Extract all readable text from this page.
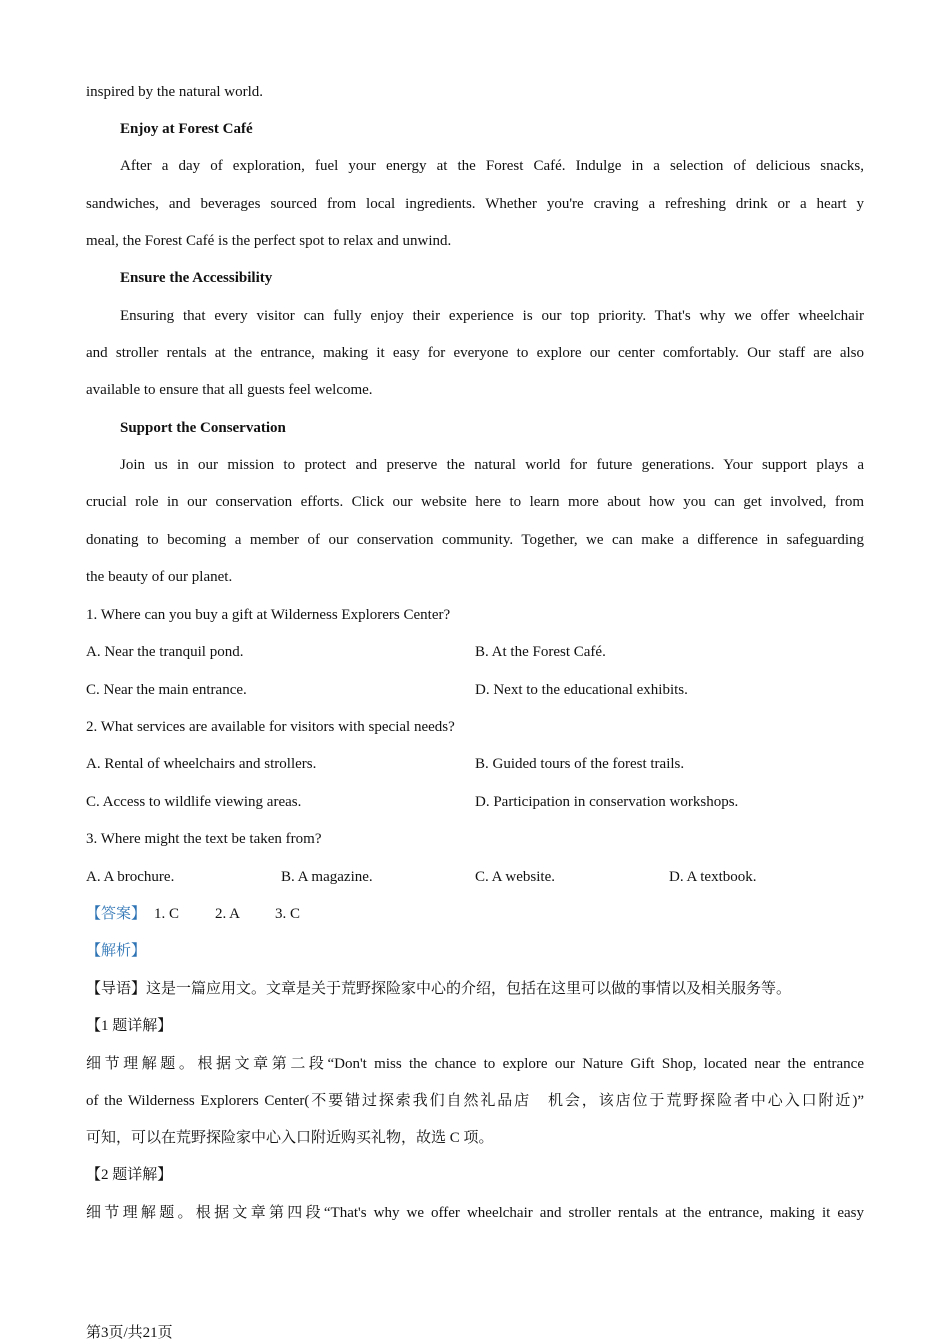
inspired by the natural world.
Enjoy at Forest Café
After a day of exploration, fuel your energy at the Forest Café. Indulge in a selection of delicious snacks,
sandwiches, and beverages sourced from local ingredients. Whether you're craving a refreshing drink or a heart y
meal, the Forest Café is the perfect spot to relax and unwind.
Ensure the Accessibility
Ensuring that every visitor can fully enjoy their experience is our top priority. That's why we offer wheelchair
and stroller rentals at the entrance, making it easy for everyone to explore our center comfortably. Our staff are also
available to ensure that all guests feel welcome.
Support the Conservation
Join us in our mission to protect and preserve the natural world for future generations. Your support plays a
crucial role in our conservation efforts. Click our website here to learn more about how you can get involved, from
donating to becoming a member of our conservation community. Together, we can make a difference in safeguarding
the beauty of our planet.
1. Where can you buy a gift at Wilderness Explorers Center?
A. Near the tranquil pond.	B. At the Forest Café.
C. Near the main entrance.	D. Next to the educational exhibits.
2. What services are available for visitors with special needs?
A. Rental of wheelchairs and strollers.	B. Guided tours of the forest trails.
C. Access to wildlife viewing areas.	D. Participation in conservation workshops.
3. Where might the text be taken from?
A. A brochure.	B. A magazine.	C. A website.	D. A textbook.
【答案】 1. C 2. A 3. C
【解析】
【导语】这是一篇应用文。文章是关于荒野探险家中心的介绍，包括在这里可以做的事情以及相关服务等。
【1 题详解】
细节理解题。根据文章第二段“Don't miss the chance to explore our Nature Gift Shop, located near the entrance
of the Wilderness Explorers Center(不要错过探索我们自然礼品店　机会，该店位于荒野探险者中心入口附近)”
可知，可以在荒野探险家中心入口附近购买礼物，故选 C 项。
【2 题详解】
细节理解题。根据文章第四段“That's why we offer wheelchair and stroller rentals at the entrance, making it easy
第3页/共21页
